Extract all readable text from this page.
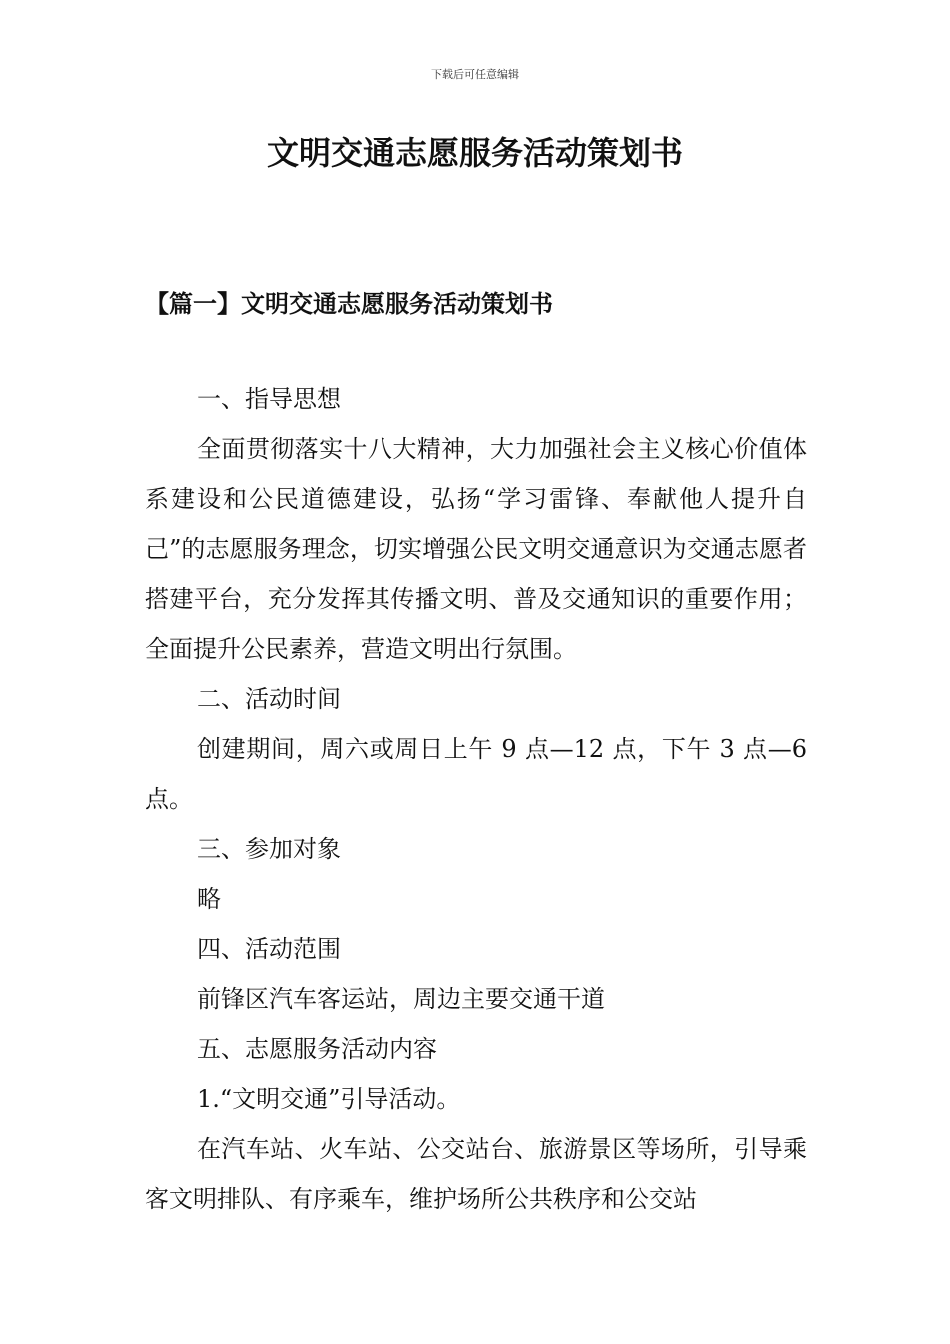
下载后可任意编辑
文明交通志愿服务活动策划书
【篇一】文明交通志愿服务活动策划书

一、指导思想

全面贯彻落实十八大精神，大力加强社会主义核心价值体系建设和公民道德建设，弘扬“学习雷锋、奉献他人提升自己”的志愿服务理念，切实增强公民文明交通意识为交通志愿者搭建平台，充分发挥其传播文明、普及交通知识的重要作用；全面提升公民素养，营造文明出行氛围。

二、活动时间

创建期间，周六或周日上午 9 点—12 点，下午 3 点—6 点。

三、参加对象

略

四、活动范围

前锋区汽车客运站，周边主要交通干道

五、志愿服务活动内容

1.“文明交通”引导活动。

在汽车站、火车站、公交站台、旅游景区等场所，引导乘客文明排队、有序乘车，维护场所公共秩序和公交站
